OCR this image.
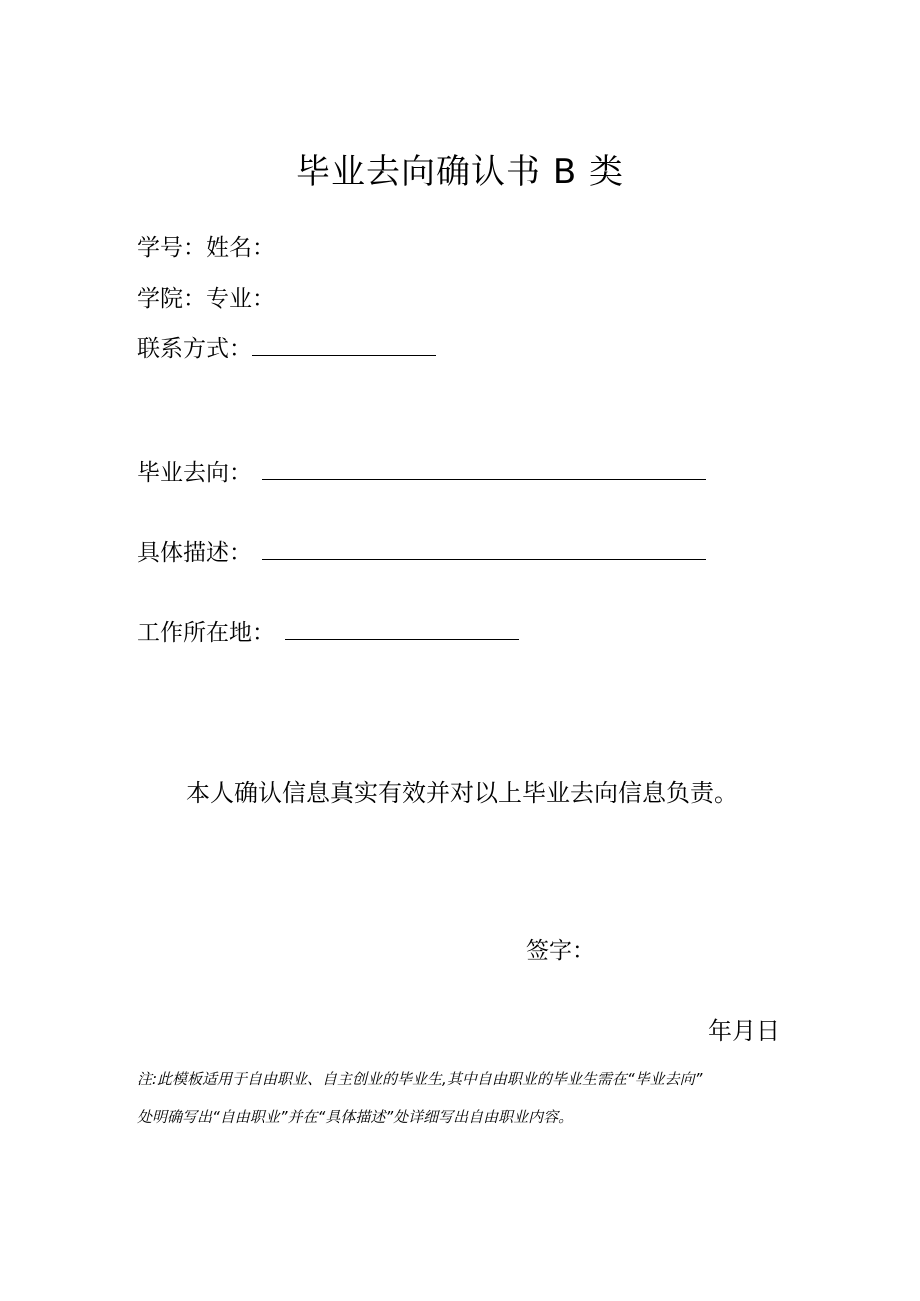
毕业去向确认书 B 类
学号：姓名：
学院：专业：
联系方式：
毕业去向：
具体描述：
工作所在地：
本人确认信息真实有效并对以上毕业去向信息负责。
签字：
年月日
注:此模板适用于自由职业、自主创业的毕业生,其中自由职业的毕业生需在“毕业去向”
处明确写出“自由职业”并在“具体描述”处详细写出自由职业内容。
